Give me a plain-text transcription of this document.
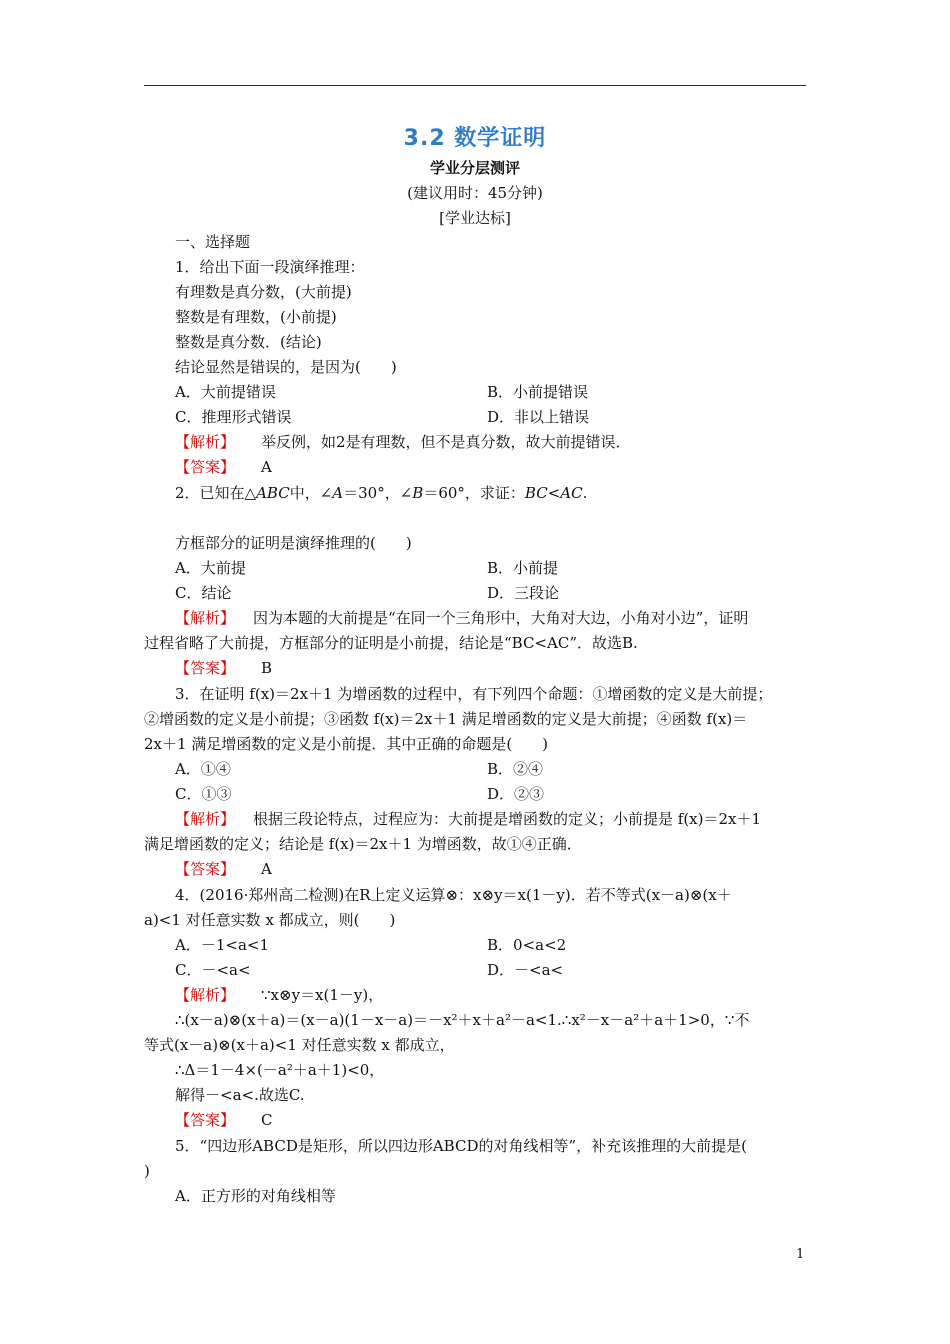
3.2 数学证明
学业分层测评
(建议用时：45分钟)
[学业达标]
一、选择题
1．给出下面一段演绎推理：
有理数是真分数，(大前提)
整数是有理数，(小前提)
整数是真分数．(结论)
结论显然是错误的，是因为(　　)
A．大前提错误	B．小前提错误
C．推理形式错误	D．非以上错误
【解析】 举反例，如2是有理数，但不是真分数，故大前提错误．
【答案】 A
2．已知在△ABC中，∠A＝30°，∠B＝60°，求证：BC<AC.
方框部分的证明是演绎推理的(　　)
A．大前提	B．小前提
C．结论	D．三段论
【解析】 因为本题的大前提是“在同一个三角形中，大角对大边，小角对小边”，证明
过程省略了大前提，方框部分的证明是小前提，结论是“BC<AC”．故选B.
【答案】 B
3．在证明 f(x)＝2x＋1 为增函数的过程中，有下列四个命题：①增函数的定义是大前提；
②增函数的定义是小前提；③函数 f(x)＝2x＋1 满足增函数的定义是大前提；④函数 f(x)＝
2x＋1 满足增函数的定义是小前提．其中正确的命题是(　　)
A．①④	B．②④
C．①③	D．②③
【解析】 根据三段论特点，过程应为：大前提是增函数的定义；小前提是 f(x)＝2x＋1
满足增函数的定义；结论是 f(x)＝2x＋1 为增函数，故①④正确．
【答案】 A
4．(2016·郑州高二检测)在R上定义运算⊗：x⊗y＝x(1－y)．若不等式(x－a)⊗(x＋
a)<1 对任意实数 x 都成立，则(　　)
A．－1<a<1	B．0<a<2
C．－<a<	D．－<a<
【解析】 ∵x⊗y＝x(1－y)，
∴(x－a)⊗(x＋a)＝(x－a)(1－x－a)＝－x²＋x＋a²－a<1.∴x²－x－a²＋a＋1>0，∵不
等式(x－a)⊗(x＋a)<1 对任意实数 x 都成立，
∴Δ＝1－4×(－a²＋a＋1)<0，
解得－<a<.故选C.
【答案】 C
5．“四边形ABCD是矩形，所以四边形ABCD的对角线相等”，补充该推理的大前提是(
)
A．正方形的对角线相等
1
